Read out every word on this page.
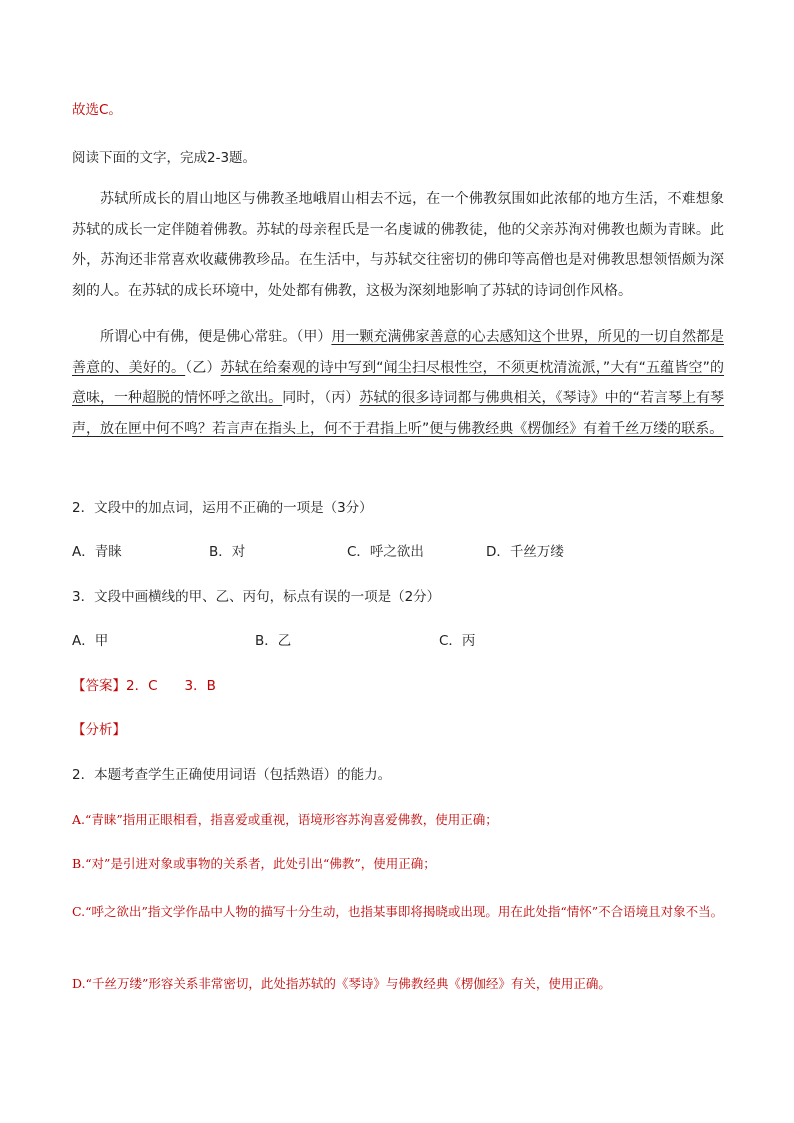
故选C。
阅读下面的文字，完成2-3题。
苏轼所成长的眉山地区与佛教圣地峨眉山相去不远，在一个佛教氛围如此浓郁的地方生活，不难想象苏轼的成长一定伴随着佛教。苏轼的母亲程氏是一名虔诚的佛教徒，他的父亲苏洵对佛教也颇为青睐。此外，苏洵还非常喜欢收藏佛教珍品。在生活中，与苏轼交往密切的佛印等高僧也是对佛教思想领悟颇为深刻的人。在苏轼的成长环境中，处处都有佛教，这极为深刻地影响了苏轼的诗词创作风格。
所谓心中有佛，便是佛心常驻。（甲）用一颗充满佛家善意的心去感知这个世界，所见的一切自然都是善意的、美好的。（乙）苏轼在给秦观的诗中写到“闻尘扫尽根性空，不须更枕清流派，”大有“五蕴皆空”的意味，一种超脱的情怀呼之欲出。同时，（丙）苏轼的很多诗词都与佛典相关，《琴诗》中的“若言琴上有琴声，放在匣中何不鸣？若言声在指头上，何不于君指上听”便与佛教经典《楞伽经》有着千丝万缕的联系。
2．文段中的加点词，运用不正确的一项是（3分）
A．青睐	B．对	C．呼之欲出	D．千丝万缕
3．文段中画横线的甲、乙、丙句，标点有误的一项是（2分）
A．甲	B．乙	C．丙
【答案】2．C　　3．B
【分析】
2．本题考查学生正确使用词语（包括熟语）的能力。
A.“青睐”指用正眼相看，指喜爱或重视，语境形容苏洵喜爱佛教，使用正确；
B.“对”是引进对象或事物的关系者，此处引出“佛教”，使用正确；
C.“呼之欲出”指文学作品中人物的描写十分生动，也指某事即将揭晓或出现。用在此处指“情怀”不合语境且对象不当。
D.“千丝万缕”形容关系非常密切，此处指苏轼的《琴诗》与佛教经典《楞伽经》有关，使用正确。
